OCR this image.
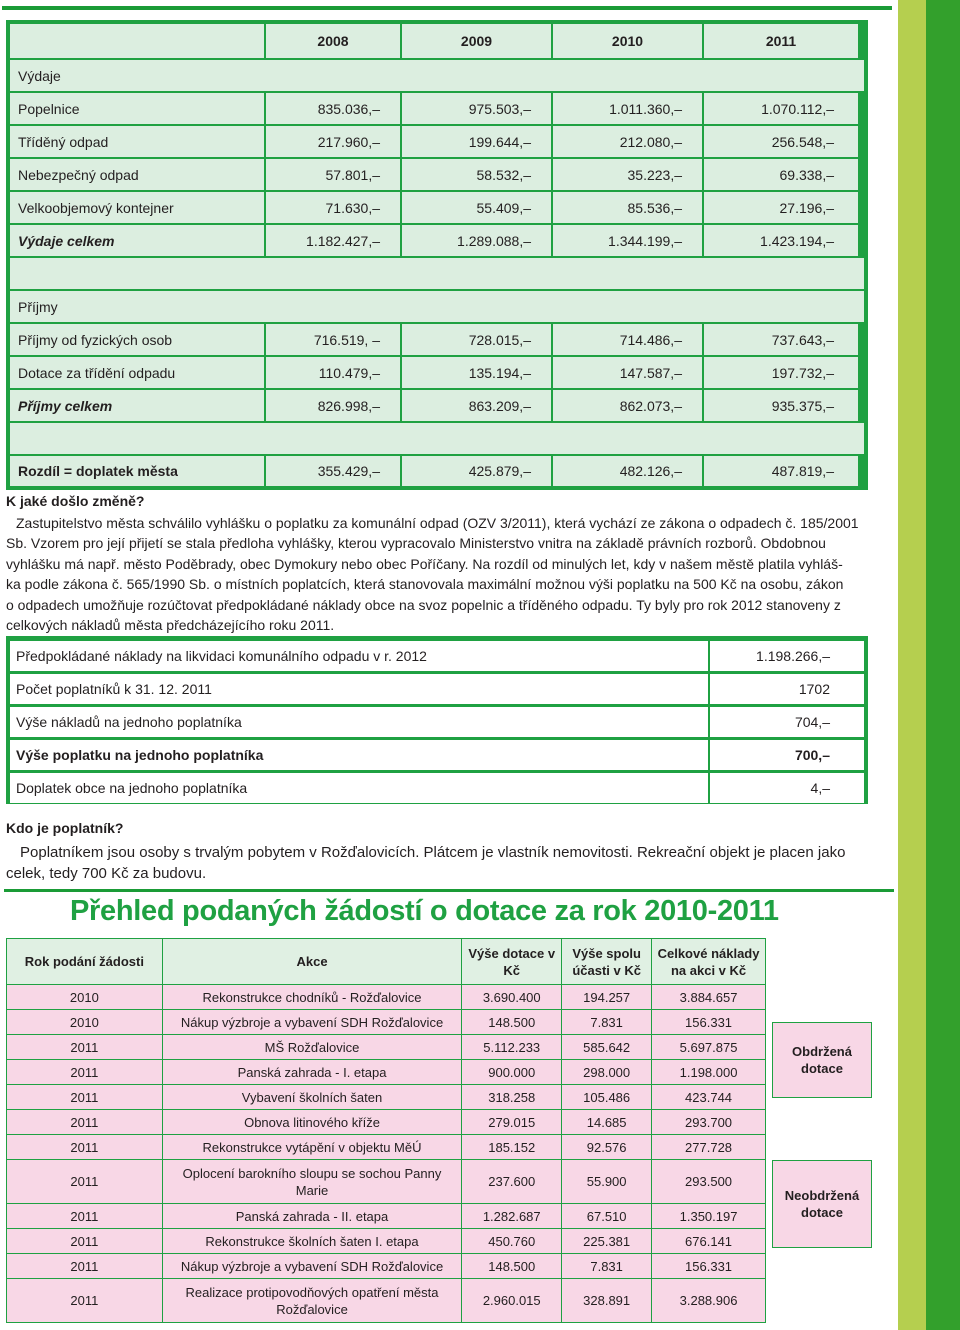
2008	2009	2010	2011
Výdaje
Popelnice	835.036,–	975.503,–	1.011.360,–	1.070.112,–
Tříděný odpad	217.960,–	199.644,–	212.080,–	256.548,–
Nebezpečný odpad	57.801,–	58.532,–	35.223,–	69.338,–
Velkoobjemový kontejner	71.630,–	55.409,–	85.536,–	27.196,–
Výdaje celkem	1.182.427,–	1.289.088,–	1.344.199,–	1.423.194,–
Příjmy
Příjmy od fyzických osob	716.519, –	728.015,–	714.486,–	737.643,–
Dotace za třídění odpadu	110.479,–	135.194,–	147.587,–	197.732,–
Příjmy celkem	826.998,–	863.209,–	862.073,–	935.375,–
Rozdíl = doplatek města	355.429,–	425.879,–	482.126,–	487.819,–
K jaké došlo změně?
Zastupitelstvo města schválilo vyhlášku o poplatku za komunální odpad (OZV 3/2011), která vychází ze zákona o odpadech č. 185/2001
Sb. Vzorem pro její přijetí se stala předloha vyhlášky, kterou vypracovalo Ministerstvo vnitra na základě právních rozborů. Obdobnou
vyhlášku má např. město Poděbrady, obec Dymokury nebo obec Poříčany. Na rozdíl od minulých let, kdy v našem městě platila vyhláš-
ka podle zákona č. 565/1990 Sb. o místních poplatcích, která stanovovala maximální možnou výši poplatku na 500 Kč na osobu, zákon
o odpadech umožňuje rozúčtovat předpokládané náklady obce na svoz popelnic a tříděného odpadu. Ty byly pro rok 2012 stanoveny z
celkových nákladů města předcházejícího roku 2011.
Předpokládané náklady na likvidaci komunálního odpadu v r. 2012	1.198.266,–
Počet poplatníků k 31. 12. 2011	1702
Výše nákladů na jednoho poplatníka	704,–
Výše poplatku na jednoho poplatníka	700,–
Doplatek obce na jednoho poplatníka	4,–
Kdo je poplatník?
Poplatníkem jsou osoby s trvalým pobytem v Rožďalovicích. Plátcem je vlastník nemovitosti. Rekreační objekt je placen jako
celek, tedy 700 Kč za budovu.
Přehled podaných žádostí o dotace za rok 2010-2011
Rok podání žádosti	Akce	Výše dotace v Kč	Výše spolu účasti v Kč	Celkové náklady na akci v Kč
2010	Rekonstrukce chodníků - Rožďalovice	3.690.400	194.257	3.884.657
2010	Nákup výzbroje a vybavení SDH Rožďalovice	148.500	7.831	156.331
2011	MŠ Rožďalovice	5.112.233	585.642	5.697.875
2011	Panská zahrada - I. etapa	900.000	298.000	1.198.000
2011	Vybavení školních šaten	318.258	105.486	423.744
2011	Obnova litinového kříže	279.015	14.685	293.700
2011	Rekonstrukce vytápění v objektu MěÚ	185.152	92.576	277.728
2011	Oplocení barokního sloupu se sochou Panny Marie	237.600	55.900	293.500
2011	Panská zahrada - II. etapa	1.282.687	67.510	1.350.197
2011	Rekonstrukce školních šaten I. etapa	450.760	225.381	676.141
2011	Nákup výzbroje a vybavení SDH Rožďalovice	148.500	7.831	156.331
2011	Realizace protipovodňových opatření města Rožďalovice	2.960.015	328.891	3.288.906
Obdržená dotace
Neobdržená dotace
